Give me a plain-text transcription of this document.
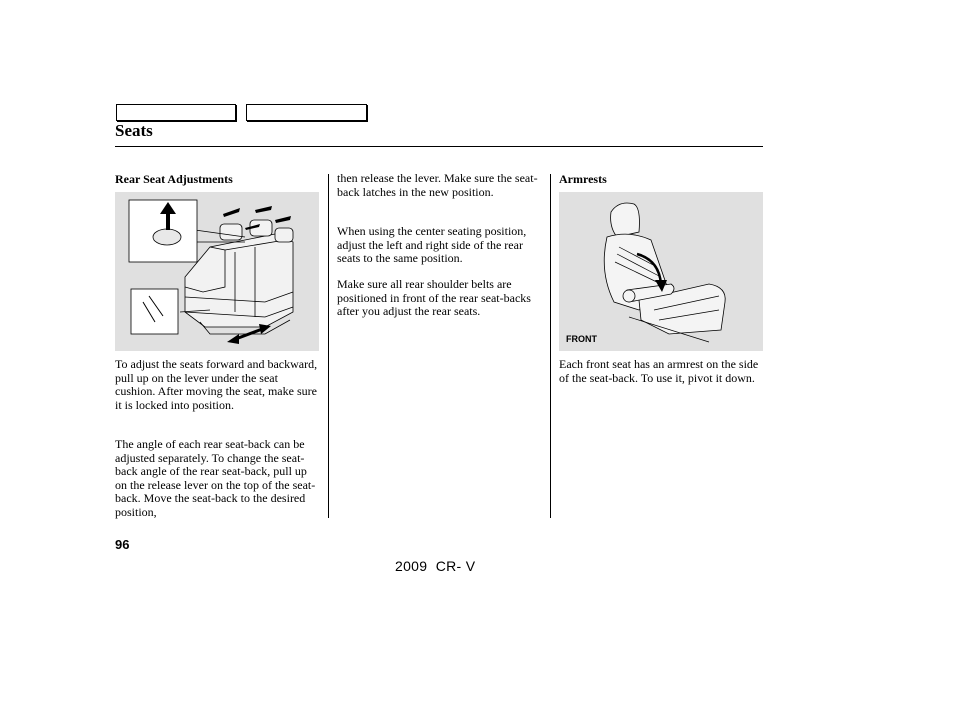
Seats
Rear Seat Adjustments

To adjust the seats forward and backward, pull up on the lever under the seat cushion. After moving the seat, make sure it is locked into position.

The angle of each rear seat-back can be adjusted separately. To change the seat-back angle of the rear seat-back, pull up on the release lever on the top of the seat-back. Move the seat-back to the desired position,

then release the lever. Make sure the seat-back latches in the new position.

When using the center seating position, adjust the left and right side of the rear seats to the same position.

Make sure all rear shoulder belts are positioned in front of the rear seat-backs after you adjust the rear seats.

Armrests
FRONT

Each front seat has an armrest on the side of the seat-back. To use it, pivot it down.

96
2009  CR- V
